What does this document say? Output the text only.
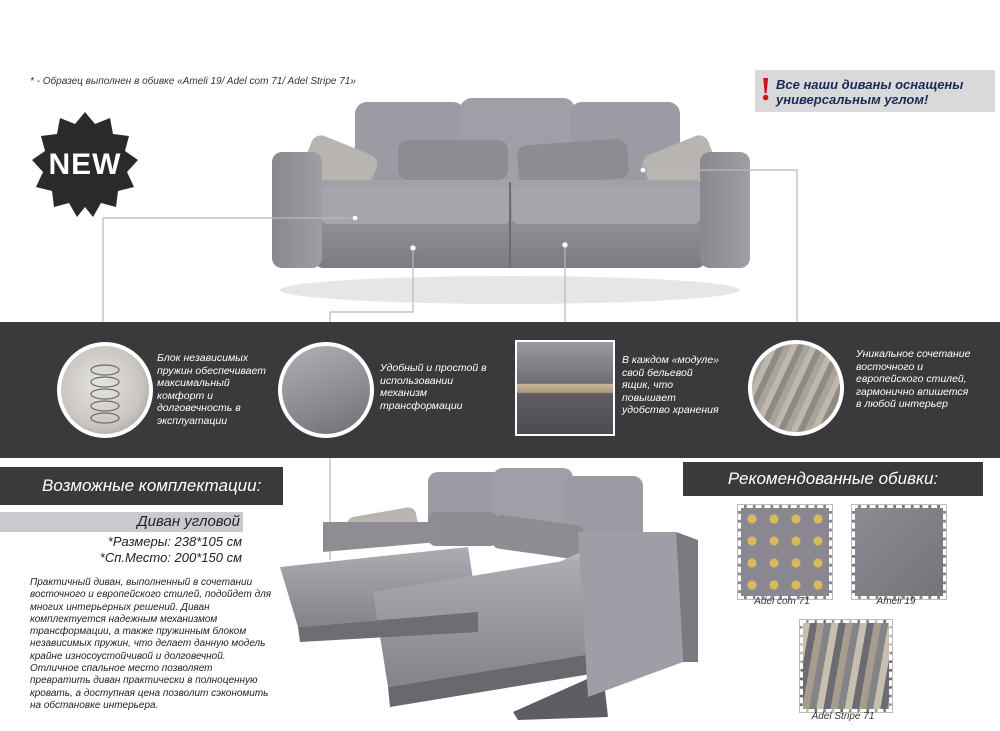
* - Образец выполнен в обивке «Ameli 19/ Adel com 71/ Adel Stripe 71»	! Все наши диваны оснащены универсальным углом!
NEW
Блок независимых пружин обеспечивает максимальный комфорт и долговечность в эксплуатации
Удобный и простой в использовании механизм трансформации
В каждом «модуле» свой бельевой ящик, что повышает удобство хранения
Уникальное сочетание восточного и европейского стилей, гармонично впишется в любой интерьер
Возможные комплектации:
Диван угловой
*Размеры: 238*105 см
*Сп.Место: 200*150 см
Практичный диван, выполненный в сочетании восточного и европейского стилей, подойдет для многих интерьерных решений. Диван комплектуется надежным механизмом трансформации, а также пружинным блоком независимых пружин, что делает данную модель крайне износоустойчивой и долговечной. Отличное спальное место позволяет превратить диван практически в полноценную кровать, а доступная цена позволит сэкономить на обстановке интерьера.
Рекомендованные обивки:
Adel com 71	Ameli 19
Adel Stripe 71
